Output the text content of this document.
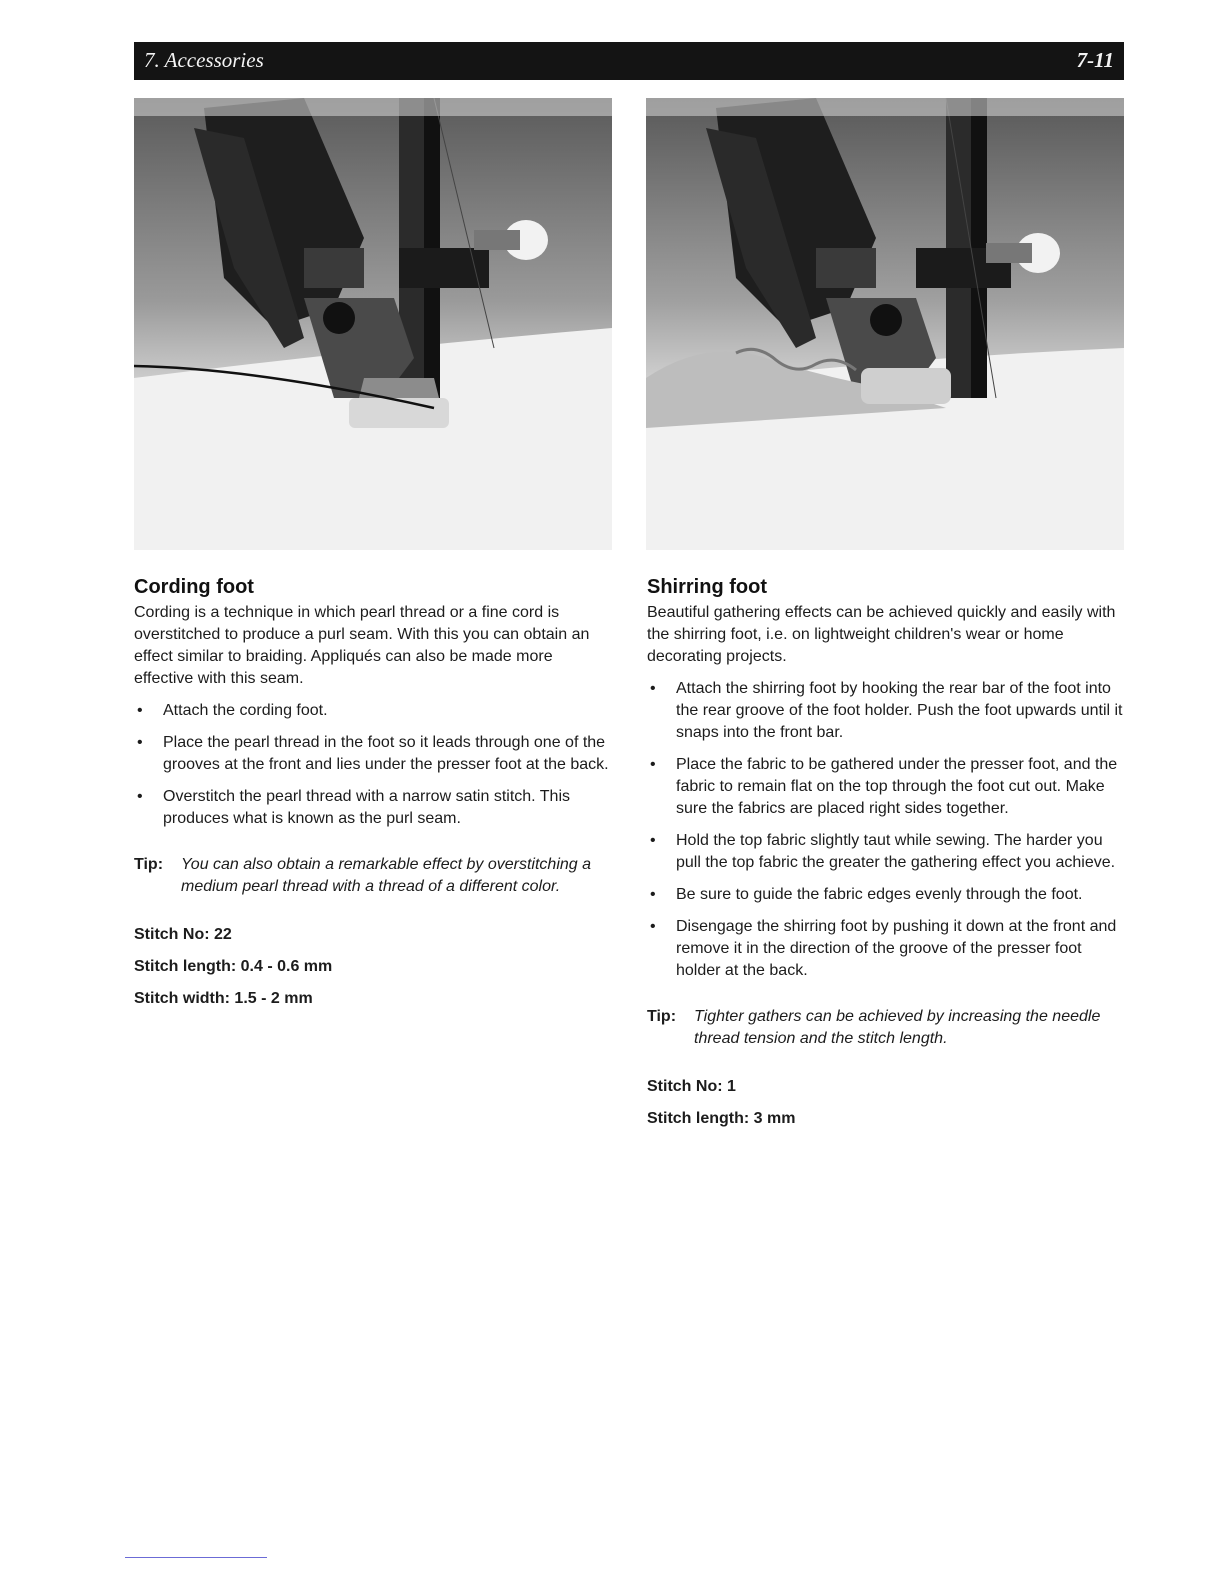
7. Accessories	7-11
Cording foot

Cording is a technique in which pearl thread or a fine cord is overstitched to produce a purl seam. With this you can obtain an effect similar to braiding. Appliqués can also be made more effective with this seam.

• Attach the cording foot.
• Place the pearl thread in the foot so it leads through one of the grooves at the front and lies under the presser foot at the back.
• Overstitch the pearl thread with a narrow satin stitch. This produces what is known as the purl seam.
Tip:	You can also obtain a remarkable effect by overstitching a medium pearl thread with a thread of a different color.
Stitch No: 22
Stitch length: 0.4 - 0.6 mm
Stitch width: 1.5 - 2 mm
Shirring foot

Beautiful gathering effects can be achieved quickly and easily with the shirring foot, i.e. on lightweight children's wear or home decorating projects.

• Attach the shirring foot by hooking the rear bar of the foot into the rear groove of the foot holder. Push the foot upwards until it snaps into the front bar.
• Place the fabric to be gathered under the presser foot, and the fabric to remain flat on the top through the foot cut out. Make sure the fabrics are placed right sides together.
• Hold the top fabric slightly taut while sewing. The harder you pull the top fabric the greater the gathering effect you achieve.
• Be sure to guide the fabric edges evenly through the foot.
• Disengage the shirring foot by pushing it down at the front and remove it in the direction of the groove of the presser foot holder at the back.
Tip:	Tighter gathers can be achieved by increasing the needle thread tension and the stitch length.
Stitch No: 1
Stitch length: 3 mm
